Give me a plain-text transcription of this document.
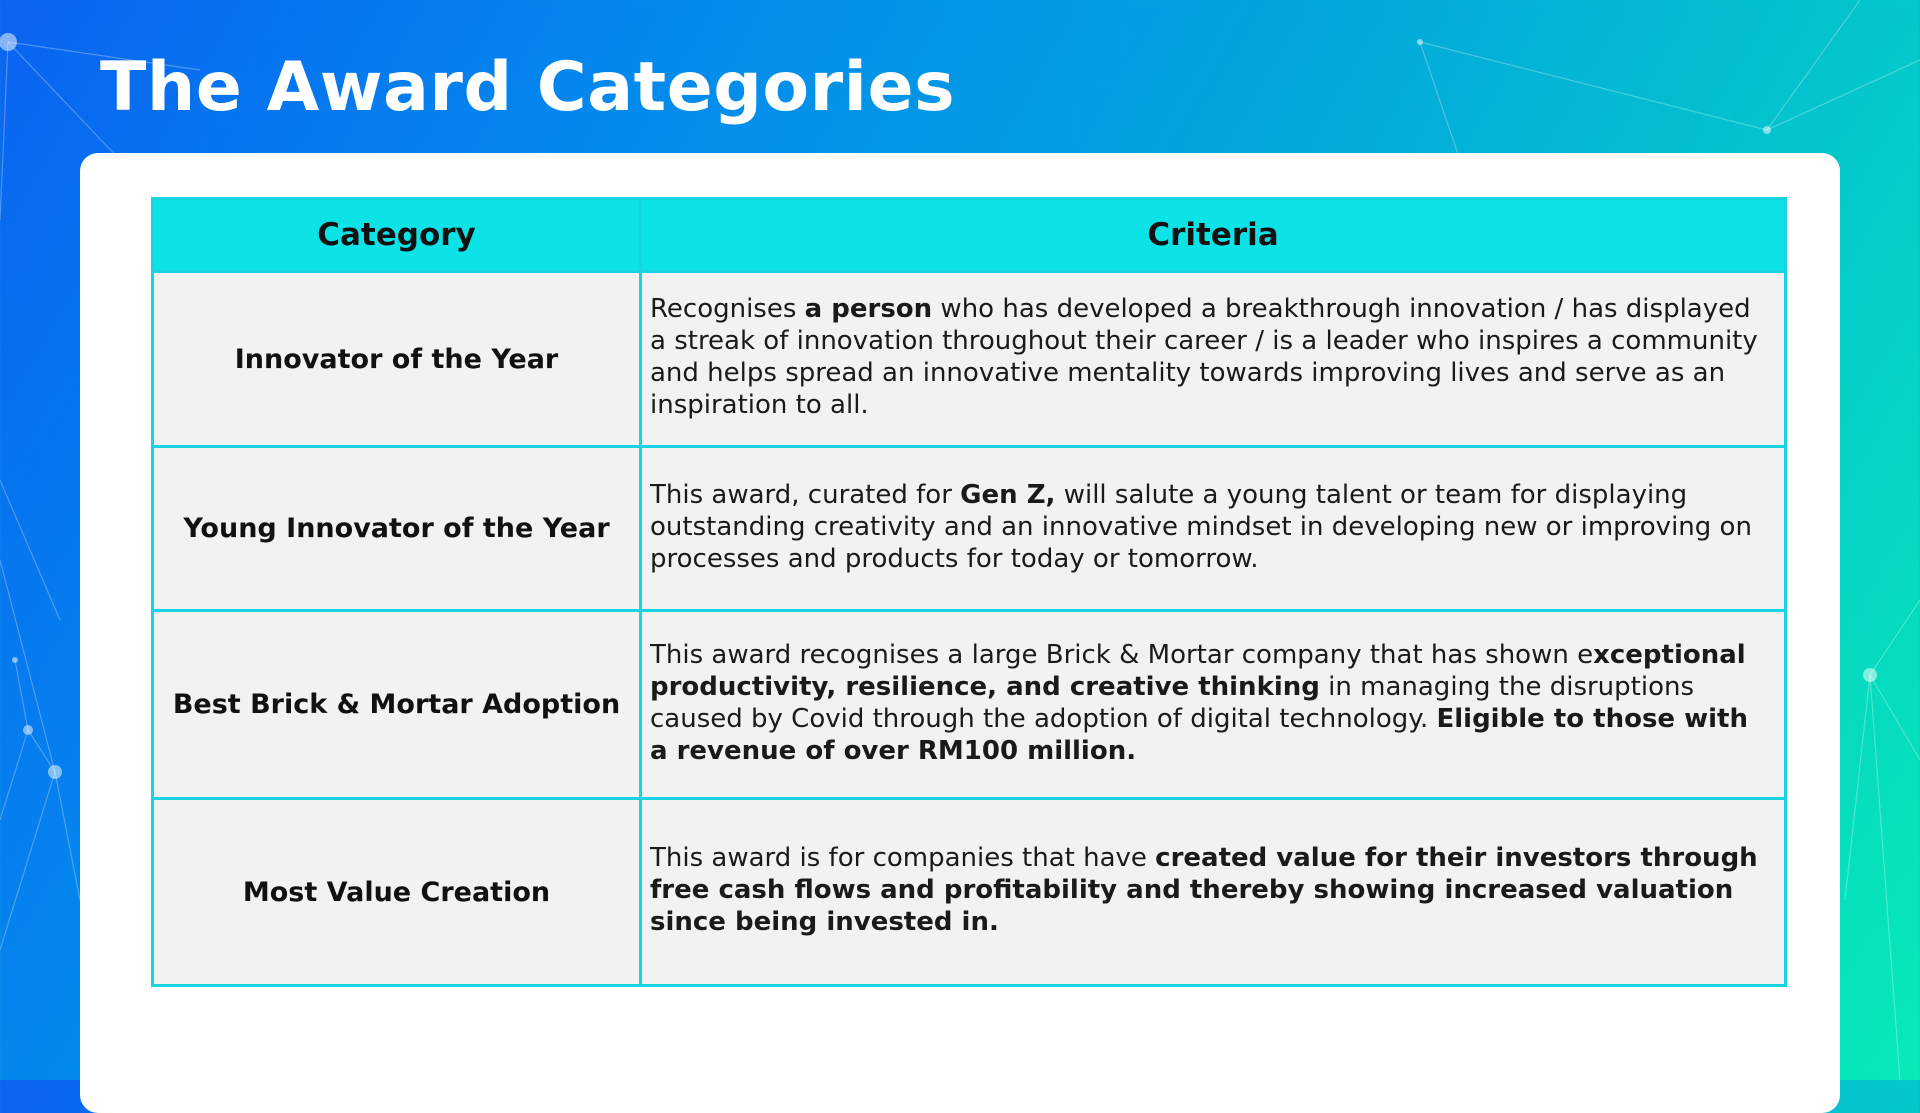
The Award Categories
Category	Criteria
Innovator of the Year	Recognises a person who has developed a breakthrough innovation / has displayed a streak of innovation throughout their career / is a leader who inspires a community and helps spread an innovative mentality towards improving lives and serve as an inspiration to all.
Young Innovator of the Year	This award, curated for Gen Z, will salute a young talent or team for displaying outstanding creativity and an innovative mindset in developing new or improving on processes and products for today or tomorrow.
Best Brick & Mortar Adoption	This award recognises a large Brick & Mortar company that has shown exceptional productivity, resilience, and creative thinking in managing the disruptions caused by Covid through the adoption of digital technology. Eligible to those with a revenue of over RM100 million.
Most Value Creation	This award is for companies that have created value for their investors through free cash flows and profitability and thereby showing increased valuation since being invested in.
